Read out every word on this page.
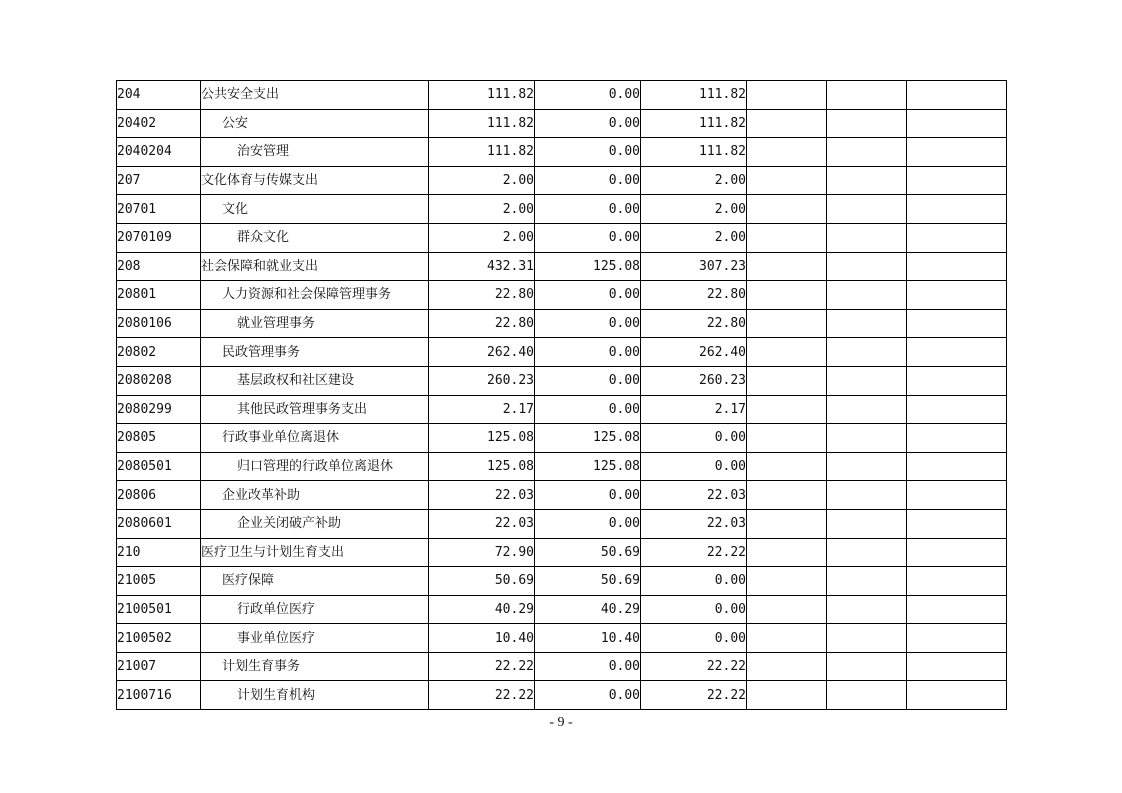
204	公共安全支出	111.82	0.00	111.82			
20402	公安	111.82	0.00	111.82			
2040204	治安管理	111.82	0.00	111.82			
207	文化体育与传媒支出	2.00	0.00	2.00			
20701	文化	2.00	0.00	2.00			
2070109	群众文化	2.00	0.00	2.00			
208	社会保障和就业支出	432.31	125.08	307.23			
20801	人力资源和社会保障管理事务	22.80	0.00	22.80			
2080106	就业管理事务	22.80	0.00	22.80			
20802	民政管理事务	262.40	0.00	262.40			
2080208	基层政权和社区建设	260.23	0.00	260.23			
2080299	其他民政管理事务支出	2.17	0.00	2.17			
20805	行政事业单位离退休	125.08	125.08	0.00			
2080501	归口管理的行政单位离退休	125.08	125.08	0.00			
20806	企业改革补助	22.03	0.00	22.03			
2080601	企业关闭破产补助	22.03	0.00	22.03			
210	医疗卫生与计划生育支出	72.90	50.69	22.22			
21005	医疗保障	50.69	50.69	0.00			
2100501	行政单位医疗	40.29	40.29	0.00			
2100502	事业单位医疗	10.40	10.40	0.00			
21007	计划生育事务	22.22	0.00	22.22			
2100716	计划生育机构	22.22	0.00	22.22			
- 9 -
